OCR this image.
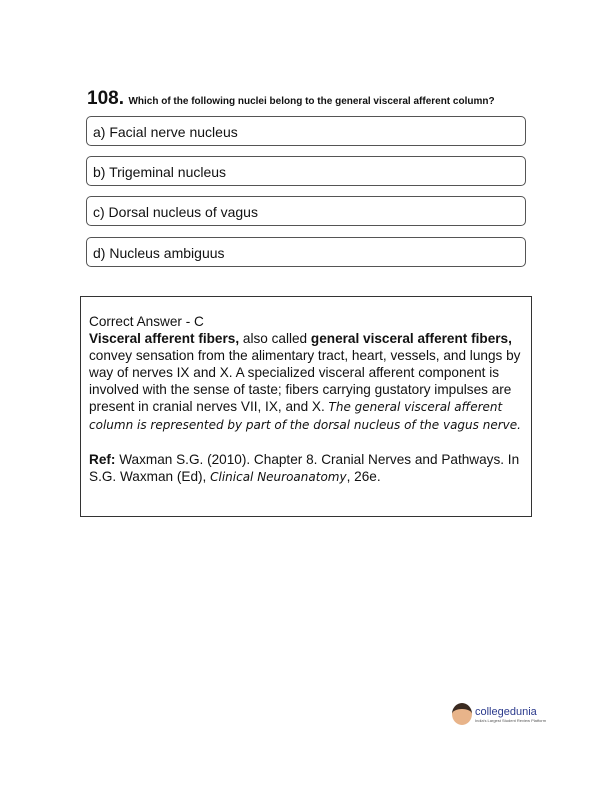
108. Which of the following nuclei belong to the general visceral afferent column?
a) Facial nerve nucleus
b) Trigeminal nucleus
c) Dorsal nucleus of vagus
d) Nucleus ambiguus
Correct Answer - C
Visceral afferent fibers, also called general visceral afferent fibers, convey sensation from the alimentary tract, heart, vessels, and lungs by way of nerves IX and X. A specialized visceral afferent component is involved with the sense of taste; fibers carrying gustatory impulses are present in cranial nerves VII, IX, and X. The general visceral afferent column is represented by part of the dorsal nucleus of the vagus nerve.
Ref: Waxman S.G. (2010). Chapter 8. Cranial Nerves and Pathways. In S.G. Waxman (Ed), Clinical Neuroanatomy, 26e.
collegedunia
India's Largest Student Review Platform
